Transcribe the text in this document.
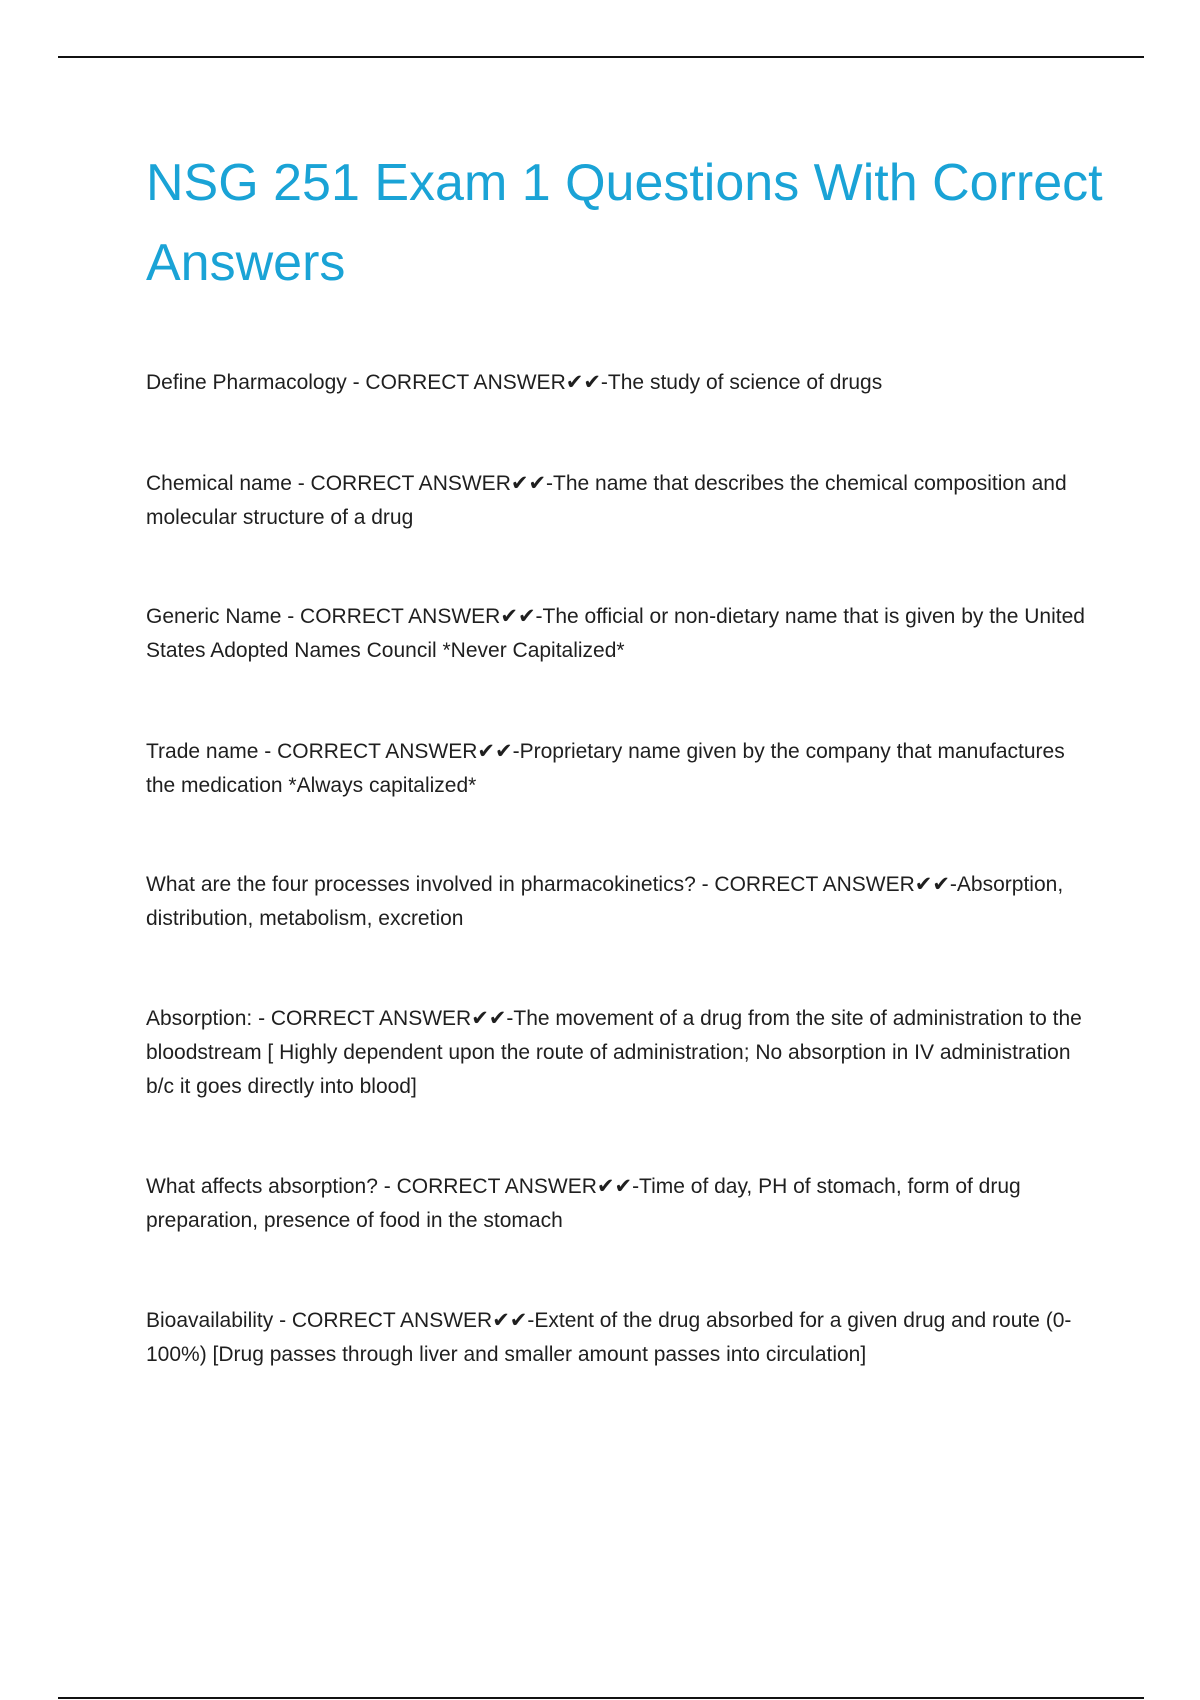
NSG 251 Exam 1 Questions With Correct Answers

Define Pharmacology - CORRECT ANSWER✔✔-The study of science of drugs

Chemical name - CORRECT ANSWER✔✔-The name that describes the chemical composition and molecular structure of a drug

Generic Name - CORRECT ANSWER✔✔-The official or non-dietary name that is given by the United States Adopted Names Council *Never Capitalized*

Trade name - CORRECT ANSWER✔✔-Proprietary name given by the company that manufactures the medication *Always capitalized*

What are the four processes involved in pharmacokinetics? - CORRECT ANSWER✔✔-Absorption, distribution, metabolism, excretion

Absorption: - CORRECT ANSWER✔✔-The movement of a drug from the site of administration to the bloodstream [ Highly dependent upon the route of administration; No absorption in IV administration b/c it goes directly into blood]

What affects absorption? - CORRECT ANSWER✔✔-Time of day, PH of stomach, form of drug preparation, presence of food in the stomach

Bioavailability - CORRECT ANSWER✔✔-Extent of the drug absorbed for a given drug and route (0-100%) [Drug passes through liver and smaller amount passes into circulation]
